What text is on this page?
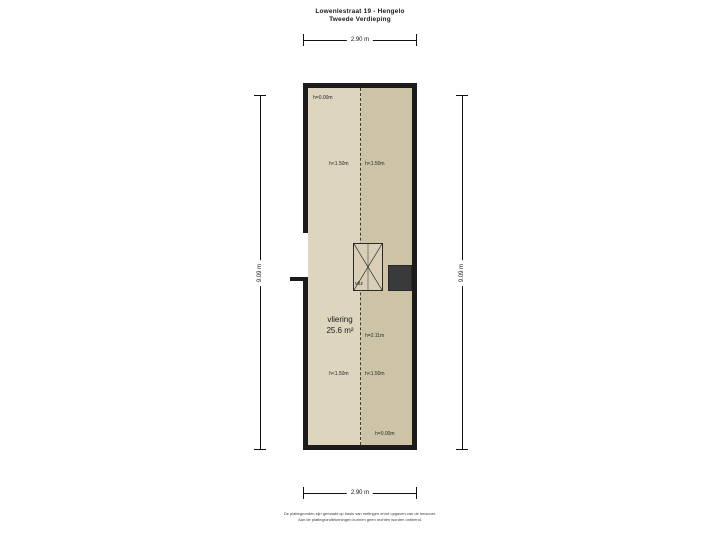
Lowenlestraat 19 - Hengelo
Tweede Verdieping
2.90 m
2.90 m
9.09 m	9.09 m
vliz
vliering
25.6 m²
h=0.00m
h<1.50m	h<1.50m
h=2.11m
h<1.50m	h<1.50m
h=0.00m
De plattegronden zijn gemaakt op basis van metingen en/of opgaven van de bewoner.
Aan de plattegrondtekeningen kunnen geen rechten worden ontleend.
